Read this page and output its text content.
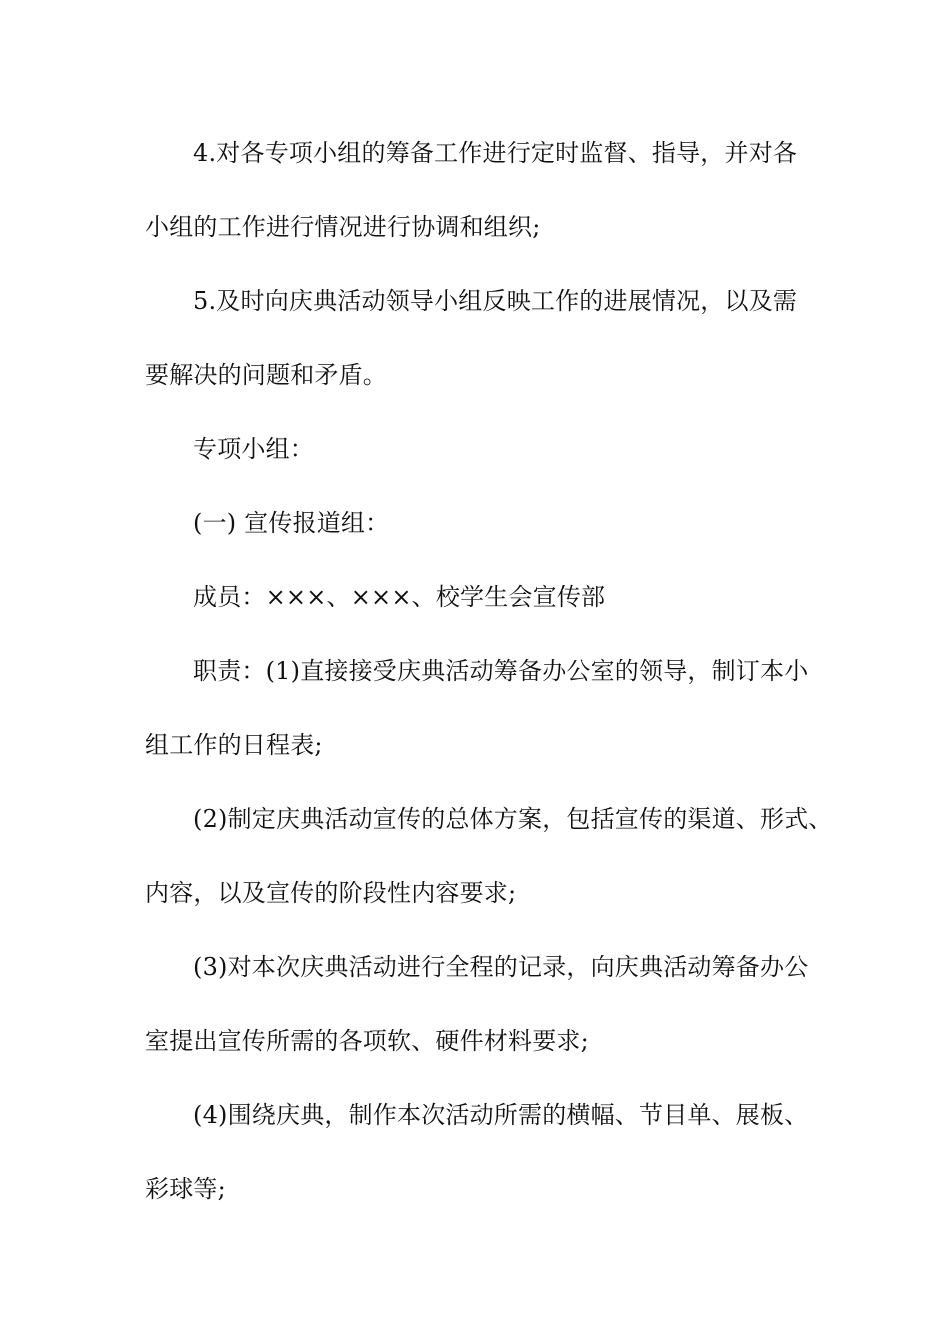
4.对各专项小组的筹备工作进行定时监督、指导，并对各
小组的工作进行情况进行协调和组织;
5.及时向庆典活动领导小组反映工作的进展情况，以及需
要解决的问题和矛盾。
专项小组：
(一) 宣传报道组：
成员：×××、×××、校学生会宣传部
职责：(1)直接接受庆典活动筹备办公室的领导，制订本小
组工作的日程表;
(2)制定庆典活动宣传的总体方案，包括宣传的渠道、形式、
内容，以及宣传的阶段性内容要求;
(3)对本次庆典活动进行全程的记录，向庆典活动筹备办公
室提出宣传所需的各项软、硬件材料要求;
(4)围绕庆典，制作本次活动所需的横幅、节目单、展板、
彩球等;
